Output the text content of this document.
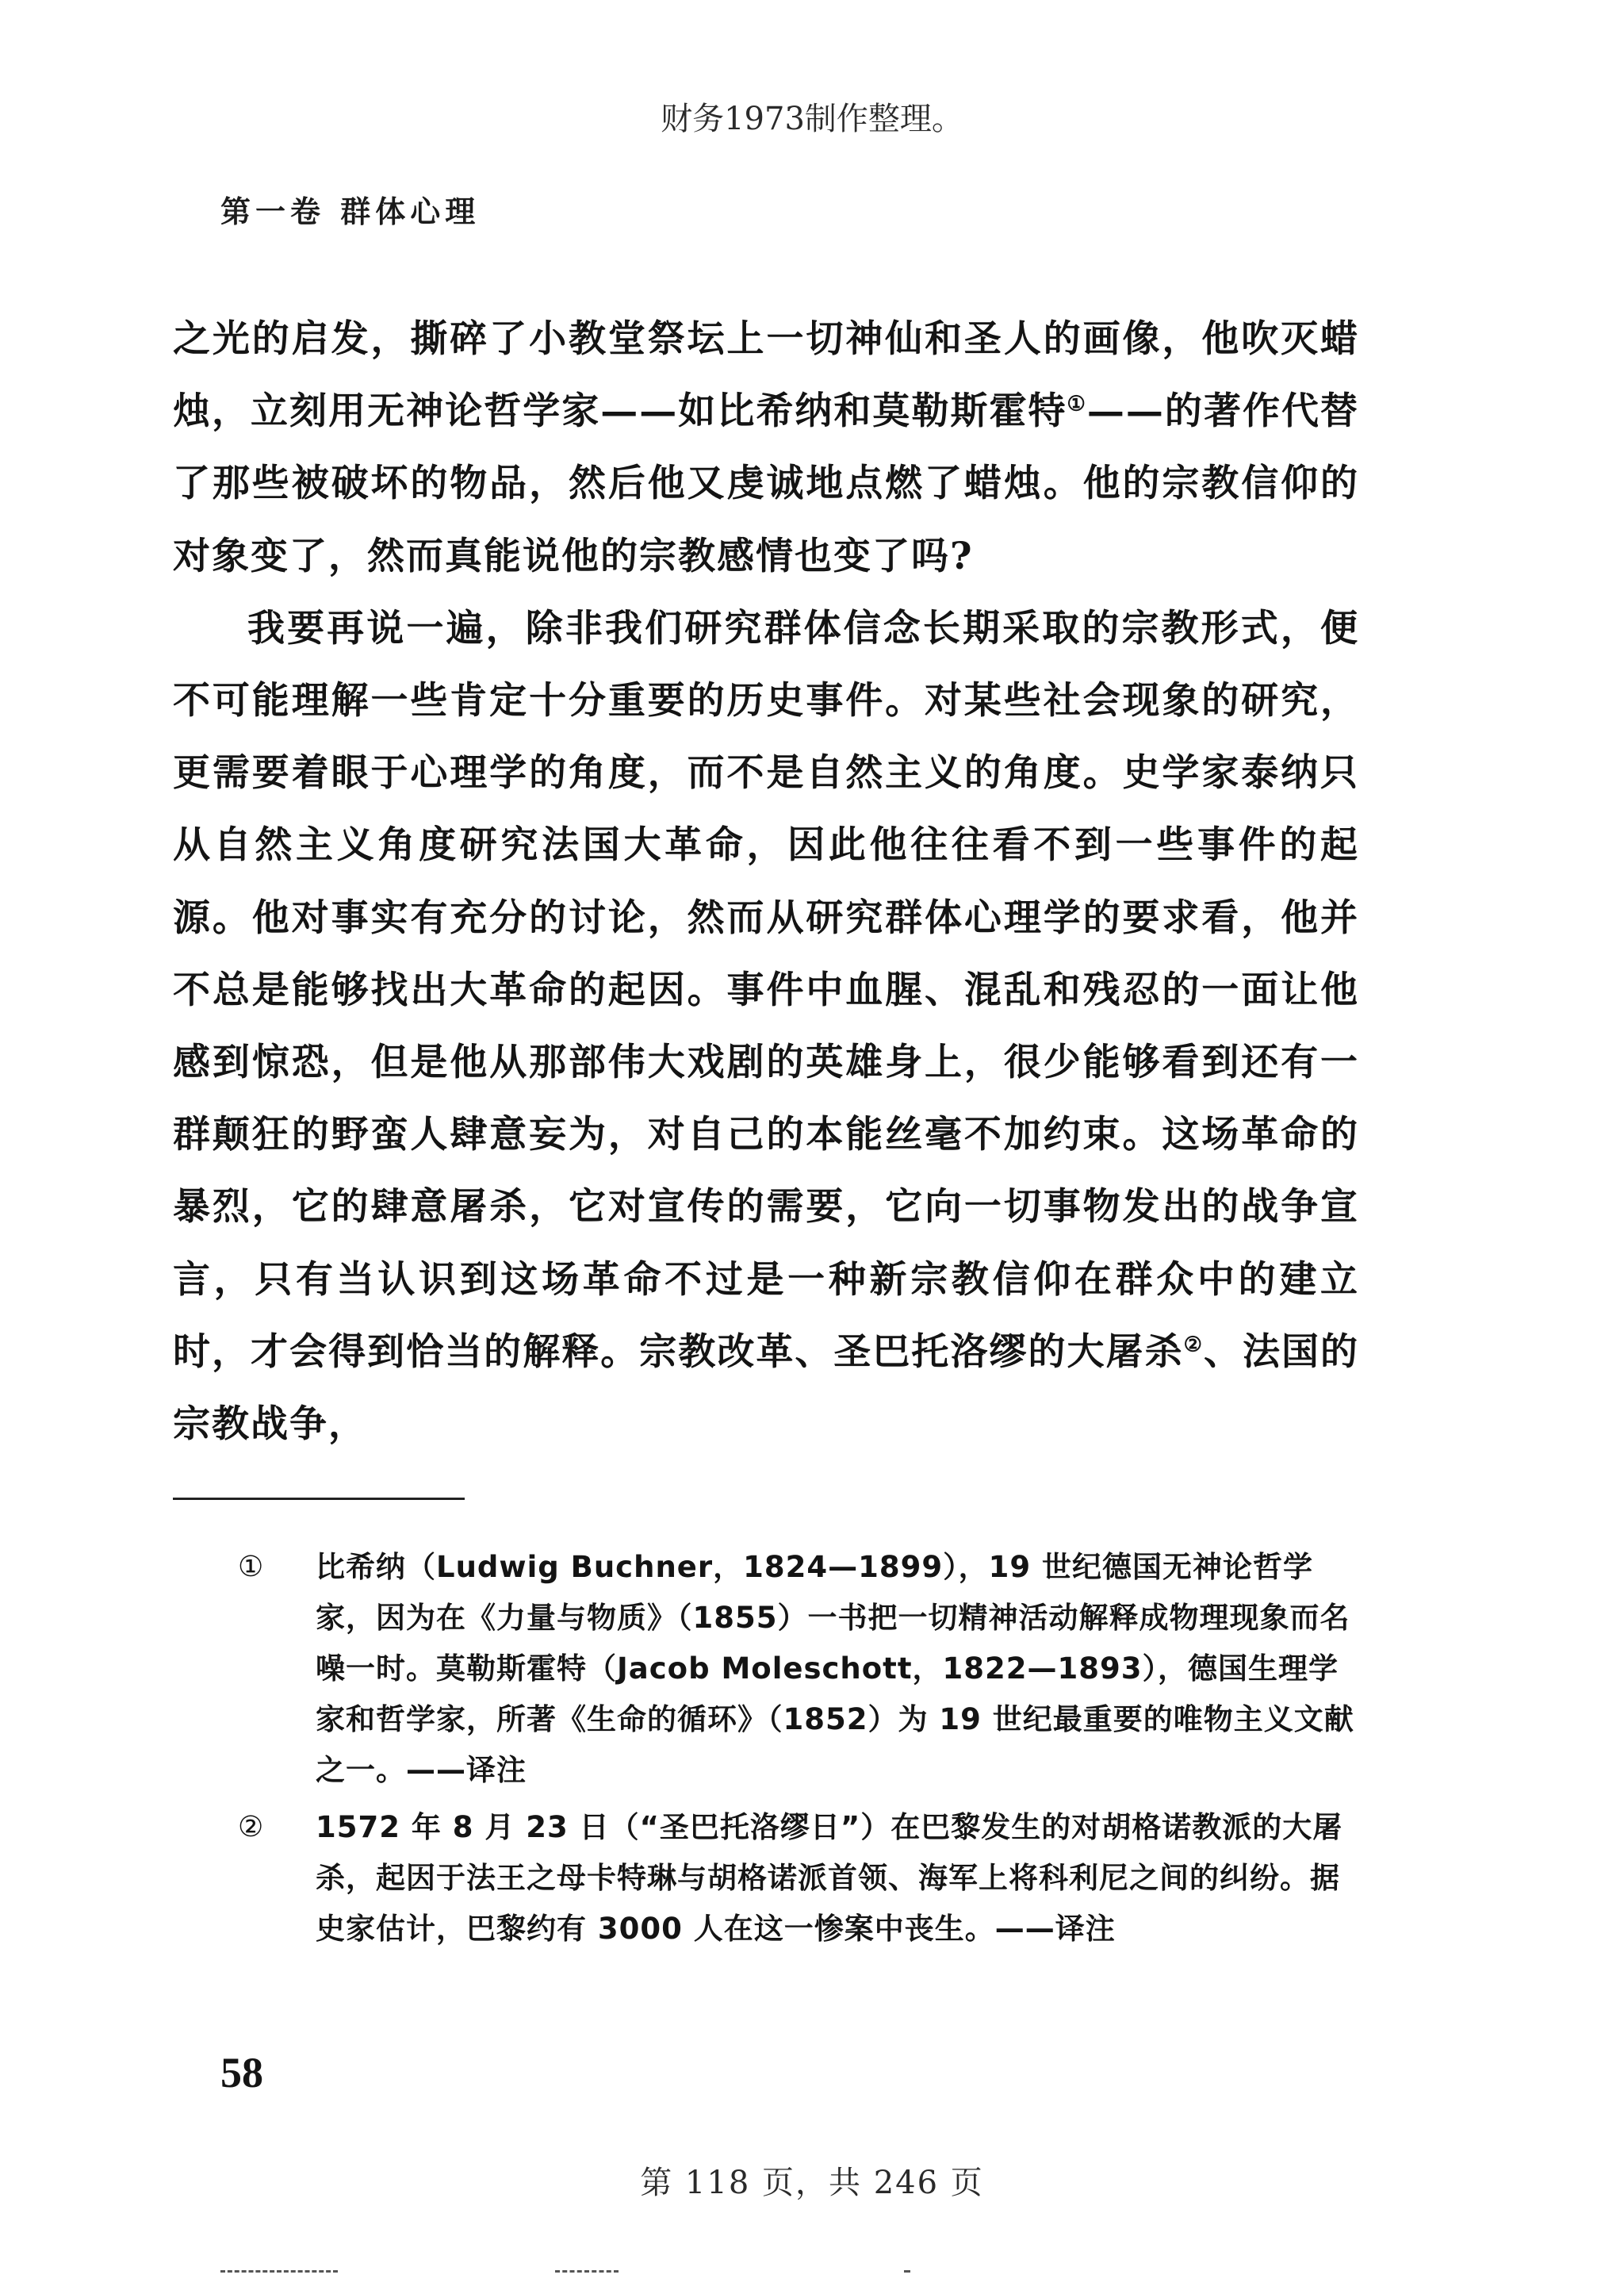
财务1973制作整理。
第一卷 群体心理

之光的启发，撕碎了小教堂祭坛上一切神仙和圣人的画像，他吹灭蜡烛，立刻用无神论哲学家——如比希纳和莫勒斯霍特①——的著作代替了那些被破坏的物品，然后他又虔诚地点燃了蜡烛。他的宗教信仰的对象变了，然而真能说他的宗教感情也变了吗?

我要再说一遍，除非我们研究群体信念长期采取的宗教形式，便不可能理解一些肯定十分重要的历史事件。对某些社会现象的研究，更需要着眼于心理学的角度，而不是自然主义的角度。史学家泰纳只从自然主义角度研究法国大革命，因此他往往看不到一些事件的起源。他对事实有充分的讨论，然而从研究群体心理学的要求看，他并不总是能够找出大革命的起因。事件中血腥、混乱和残忍的一面让他感到惊恐，但是他从那部伟大戏剧的英雄身上，很少能够看到还有一群颠狂的野蛮人肆意妄为，对自己的本能丝毫不加约束。这场革命的暴烈，它的肆意屠杀，它对宣传的需要，它向一切事物发出的战争宣言，只有当认识到这场革命不过是一种新宗教信仰在群众中的建立时，才会得到恰当的解释。宗教改革、圣巴托洛缪的大屠杀②、法国的宗教战争，

① 比希纳（Ludwig Buchner，1824—1899），19 世纪德国无神论哲学家，因为在《力量与物质》（1855）一书把一切精神活动解释成物理现象而名噪一时。莫勒斯霍特（Jacob Moleschott，1822—1893），德国生理学家和哲学家，所著《生命的循环》（1852）为 19 世纪最重要的唯物主义文献之一。——译注
② 1572 年 8 月 23 日（“圣巴托洛缪日”）在巴黎发生的对胡格诺教派的大屠杀，起因于法王之母卡特琳与胡格诺派首领、海军上将科利尼之间的纠纷。据史家估计，巴黎约有 3000 人在这一惨案中丧生。——译注
58
第 118 页，共 246 页
